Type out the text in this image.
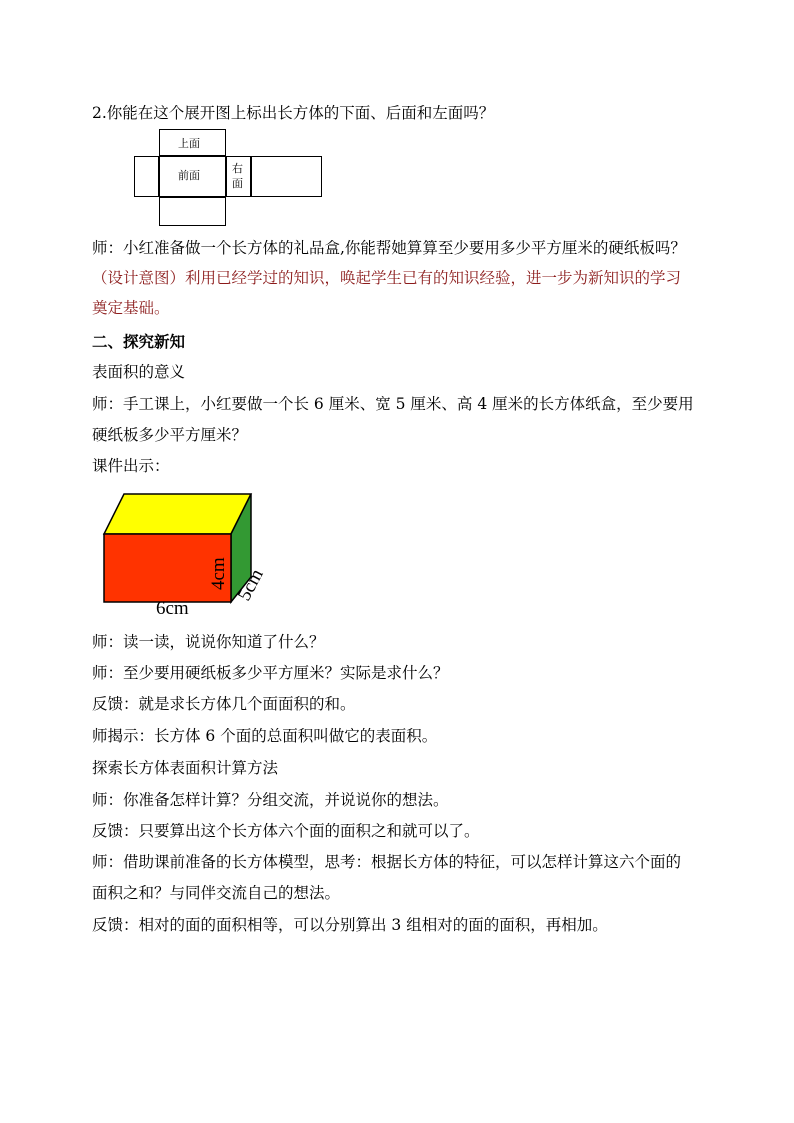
2.你能在这个展开图上标出长方体的下面、后面和左面吗？
上面
前面
右
面
师：小红准备做一个长方体的礼品盒,你能帮她算算至少要用多少平方厘米的硬纸板吗？
（设计意图）利用已经学过的知识，唤起学生已有的知识经验，进一步为新知识的学习
奠定基础。
二、探究新知
表面积的意义
师：手工课上，小红要做一个长 6 厘米、宽 5 厘米、高 4 厘米的长方体纸盒，至少要用
硬纸板多少平方厘米？
课件出示：
6cm
4cm 5cm
师：读一读，说说你知道了什么？
师：至少要用硬纸板多少平方厘米？实际是求什么？
反馈：就是求长方体几个面面积的和。
师揭示：长方体 6 个面的总面积叫做它的表面积。
探索长方体表面积计算方法
师：你准备怎样计算？分组交流，并说说你的想法。
反馈：只要算出这个长方体六个面的面积之和就可以了。
师：借助课前准备的长方体模型，思考：根据长方体的特征，可以怎样计算这六个面的
面积之和？与同伴交流自己的想法。
反馈：相对的面的面积相等，可以分别算出 3 组相对的面的面积，再相加。
